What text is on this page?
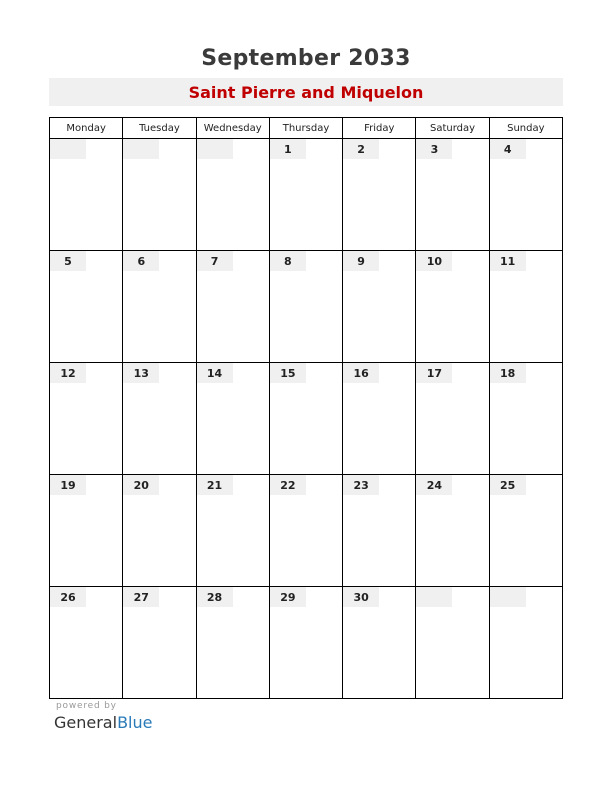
September 2033
Saint Pierre and Miquelon
Monday	Tuesday	Wednesday	Thursday	Friday	Saturday	Sunday

			1	2	3	4

5	6	7	8	9	10	11

12	13	14	15	16	17	18

19	20	21	22	23	24	25

26	27	28	29	30		

powered by
GeneralBlue
